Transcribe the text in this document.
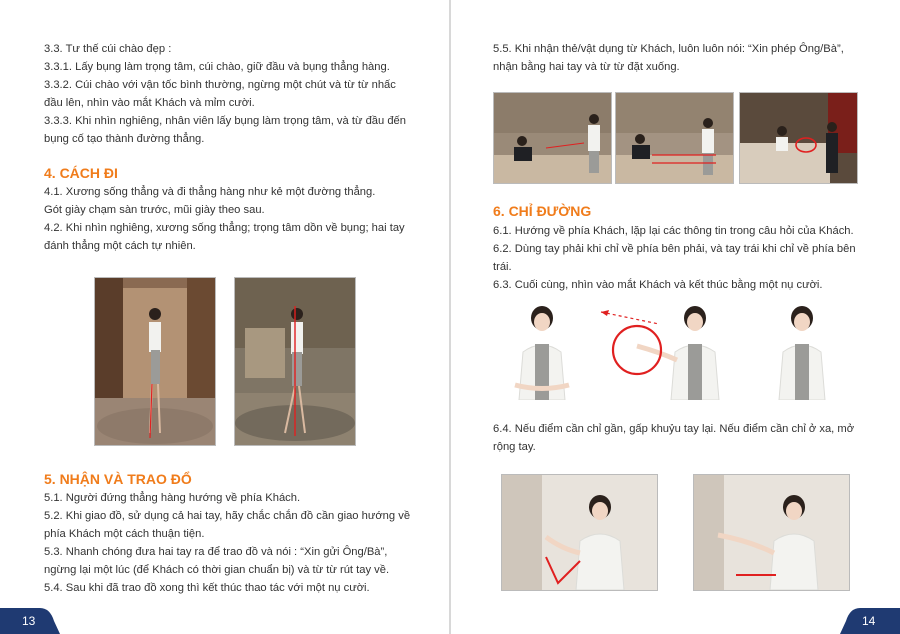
3.3. Tư thế cúi chào đẹp :
3.3.1. Lấy bụng làm trọng tâm, cúi chào, giữ đầu và bụng thẳng hàng.
3.3.2. Cúi chào với vận tốc bình thường, ngừng một chút và từ từ nhấc
đầu lên, nhìn vào mắt Khách và mỉm cười.
3.3.3. Khi nhìn nghiêng, nhân viên lấy bụng làm trọng tâm, và từ đầu đến
bụng cố tạo thành đường thẳng.
4. CÁCH ĐI
4.1. Xương sống thẳng và đi thẳng hàng như kẻ một đường thẳng.
Gót giày chạm sàn trước, mũi giày theo sau.
4.2. Khi nhìn nghiêng, xương sống thẳng; trọng tâm dồn về bụng; hai tay
đánh thẳng một cách tự nhiên.
5. NHẬN VÀ TRAO ĐỔ
5.1. Người đứng thẳng hàng hướng về phía Khách.
5.2. Khi giao đồ, sử dụng cả hai tay, hãy chắc chắn đồ cần giao hướng về
phía Khách một cách thuận tiện.
5.3. Nhanh chóng đưa hai tay ra để trao đồ và nói : “Xin gửi Ông/Bà”,
ngừng lại một lúc (để Khách có thời gian chuẩn bị) và từ từ rút tay về.
5.4. Sau khi đã trao đồ xong thì kết thúc thao tác với một nụ cười.
13
5.5. Khi nhận thẻ/vật dụng từ Khách, luôn luôn nói: “Xin phép Ông/Bà”,
nhận bằng hai tay và từ từ đặt xuống.
6. CHỈ ĐƯỜNG
6.1. Hướng về phía Khách, lặp lại các thông tin trong câu hỏi của Khách.
6.2. Dùng tay phải khi chỉ về phía bên phải, và tay trái khi chỉ về phía bên
trái.
6.3. Cuối cùng, nhìn vào mắt Khách và kết thúc bằng một nụ cười.
6.4. Nếu điểm cần chỉ gần, gấp khuỷu tay lại. Nếu điểm cần chỉ ở xa, mở
rộng tay.
14
